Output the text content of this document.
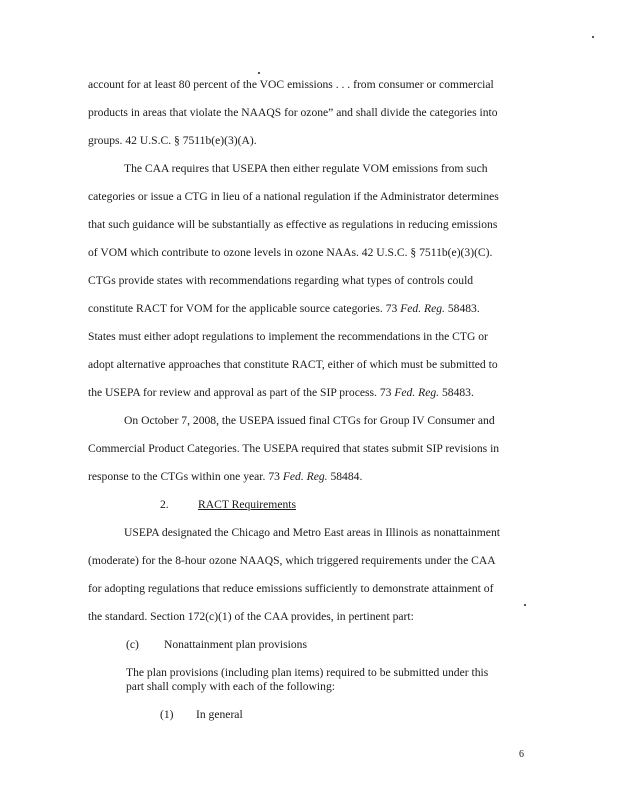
account for at least 80 percent of the VOC emissions . . . from consumer or commercial
products in areas that violate the NAAQS for ozone” and shall divide the categories into
groups. 42 U.S.C. § 7511b(e)(3)(A).
The CAA requires that USEPA then either regulate VOM emissions from such
categories or issue a CTG in lieu of a national regulation if the Administrator determines
that such guidance will be substantially as effective as regulations in reducing emissions
of VOM which contribute to ozone levels in ozone NAAs. 42 U.S.C. § 7511b(e)(3)(C).
CTGs provide states with recommendations regarding what types of controls could
constitute RACT for VOM for the applicable source categories. 73 Fed. Reg. 58483.
States must either adopt regulations to implement the recommendations in the CTG or
adopt alternative approaches that constitute RACT, either of which must be submitted to
the USEPA for review and approval as part of the SIP process. 73 Fed. Reg. 58483.
On October 7, 2008, the USEPA issued final CTGs for Group IV Consumer and
Commercial Product Categories. The USEPA required that states submit SIP revisions in
response to the CTGs within one year. 73 Fed. Reg. 58484.
2.	RACT Requirements
USEPA designated the Chicago and Metro East areas in Illinois as nonattainment
(moderate) for the 8-hour ozone NAAQS, which triggered requirements under the CAA
for adopting regulations that reduce emissions sufficiently to demonstrate attainment of
the standard. Section 172(c)(1) of the CAA provides, in pertinent part:
(c) Nonattainment plan provisions
The plan provisions (including plan items) required to be submitted under this
part shall comply with each of the following:
(1) In general
6
